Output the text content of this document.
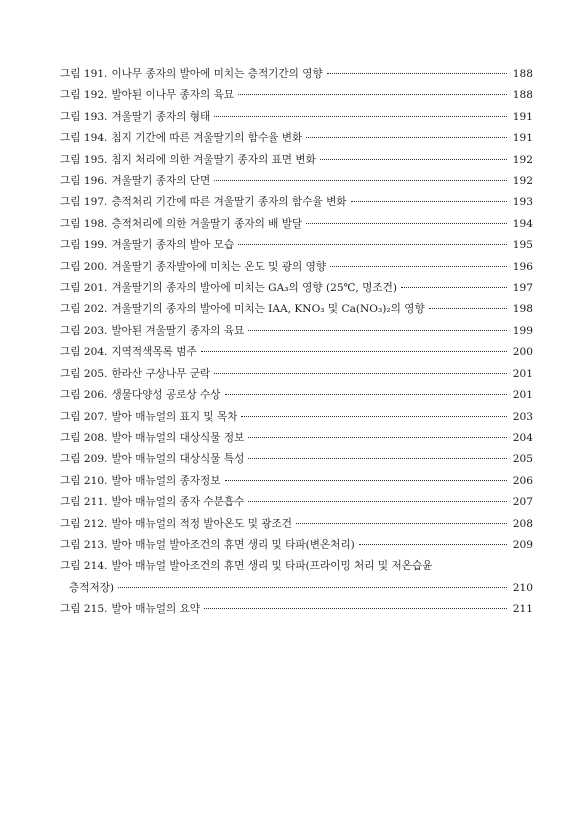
그림 191. 이나무 종자의 발아에 미치는 층적기간의 영향	188
그림 192. 발아된 이나무 종자의 육묘	188
그림 193. 겨울딸기 종자의 형태	191
그림 194. 침지 기간에 따른 겨울딸기의 함수율 변화	191
그림 195. 침지 처리에 의한 겨울딸기 종자의 표면 변화	192
그림 196. 겨울딸기 종자의 단면	192
그림 197. 층적처리 기간에 따른 겨울딸기 종자의 함수율 변화	193
그림 198. 층적처리에 의한 겨울딸기 종자의 배 발달	194
그림 199. 겨울딸기 종자의 발아 모습	195
그림 200. 겨울딸기 종자발아에 미치는 온도 및 광의 영향	196
그림 201. 겨울딸기의 종자의 발아에 미치는 GA₃의 영향 (25℃, 명조건)	197
그림 202. 겨울딸기의 종자의 발아에 미치는 IAA, KNO₃ 및 Ca(NO₃)₂의 영향	198
그림 203. 발아된 겨울딸기 종자의 육묘	199
그림 204. 지역적색목록 범주	200
그림 205. 한라산 구상나무 군락	201
그림 206. 생물다양성 공로상 수상	201
그림 207. 발아 매뉴얼의 표지 및 목차	203
그림 208. 발아 매뉴얼의 대상식물 정보	204
그림 209. 발아 매뉴얼의 대상식물 특성	205
그림 210. 발아 매뉴얼의 종자정보	206
그림 211. 발아 매뉴얼의 종자 수분흡수	207
그림 212. 발아 매뉴얼의 적정 발아온도 및 광조건	208
그림 213. 발아 매뉴얼 발아조건의 휴면 생리 및 타파(변온처리)	209
그림 214. 발아 매뉴얼 발아조건의 휴면 생리 및 타파(프라이밍 처리 및 저온습윤
층적저장)	210
그림 215. 발아 매뉴얼의 요약	211
